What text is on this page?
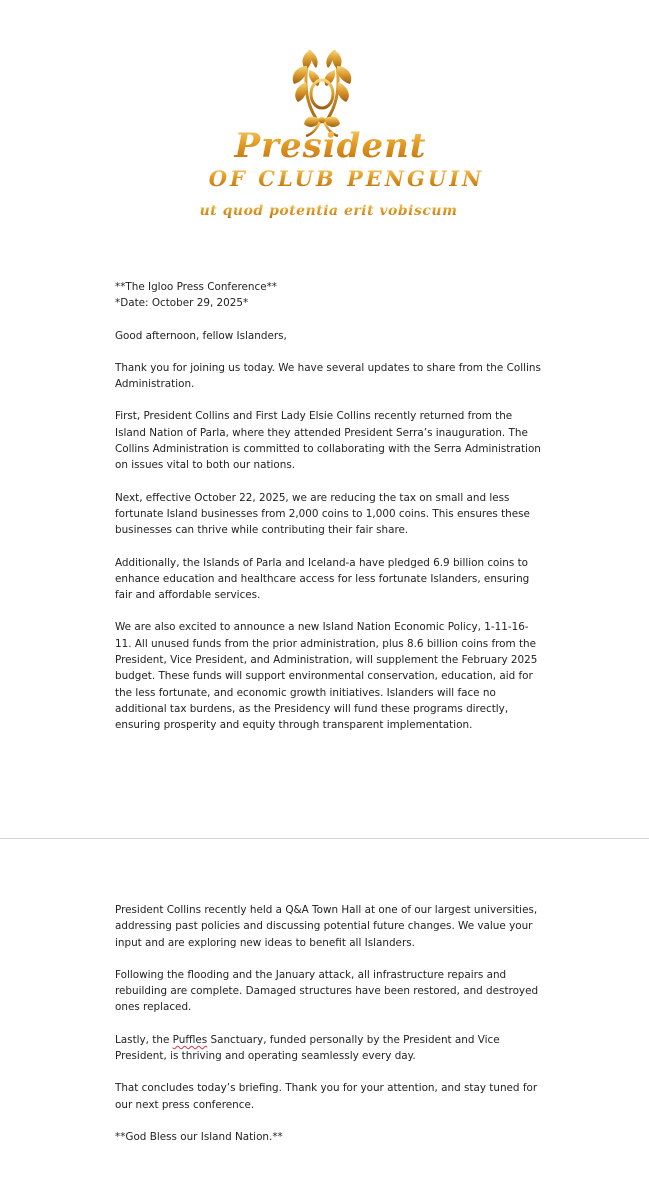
President
OF CLUB PENGUIN
ut quod potentia erit vobiscum

**The Igloo Press Conference**
*Date: October 29, 2025*

Good afternoon, fellow Islanders,

Thank you for joining us today. We have several updates to share from the Collins Administration.

First, President Collins and First Lady Elsie Collins recently returned from the Island Nation of Parla, where they attended President Serra’s inauguration. The Collins Administration is committed to collaborating with the Serra Administration on issues vital to both our nations.

Next, effective October 22, 2025, we are reducing the tax on small and less fortunate Island businesses from 2,000 coins to 1,000 coins. This ensures these businesses can thrive while contributing their fair share.

Additionally, the Islands of Parla and Iceland-a have pledged 6.9 billion coins to enhance education and healthcare access for less fortunate Islanders, ensuring fair and affordable services.

We are also excited to announce a new Island Nation Economic Policy, 1-11-16-11. All unused funds from the prior administration, plus 8.6 billion coins from the President, Vice President, and Administration, will supplement the February 2025 budget. These funds will support environmental conservation, education, aid for the less fortunate, and economic growth initiatives. Islanders will face no additional tax burdens, as the Presidency will fund these programs directly, ensuring prosperity and equity through transparent implementation.

President Collins recently held a Q&A Town Hall at one of our largest universities, addressing past policies and discussing potential future changes. We value your input and are exploring new ideas to benefit all Islanders.

Following the flooding and the January attack, all infrastructure repairs and rebuilding are complete. Damaged structures have been restored, and destroyed ones replaced.

Lastly, the Puffles Sanctuary, funded personally by the President and Vice President, is thriving and operating seamlessly every day.

That concludes today’s briefing. Thank you for your attention, and stay tuned for our next press conference.

**God Bless our Island Nation.**
